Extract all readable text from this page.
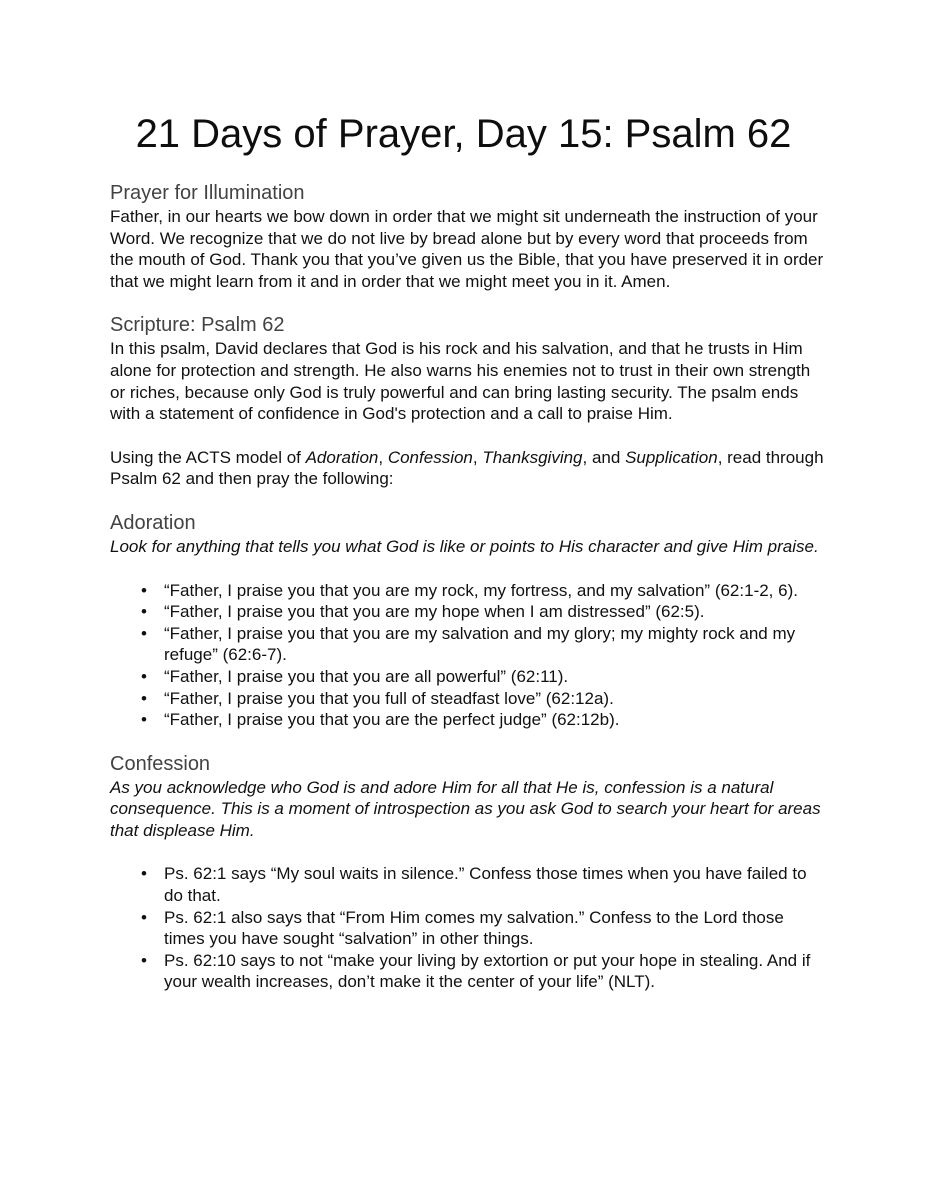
21 Days of Prayer, Day 15: Psalm 62
Prayer for Illumination

Father, in our hearts we bow down in order that we might sit underneath the instruction of your Word. We recognize that we do not live by bread alone but by every word that proceeds from the mouth of God. Thank you that you’ve given us the Bible, that you have preserved it in order that we might learn from it and in order that we might meet you in it. Amen.

Scripture: Psalm 62

In this psalm, David declares that God is his rock and his salvation, and that he trusts in Him alone for protection and strength. He also warns his enemies not to trust in their own strength or riches, because only God is truly powerful and can bring lasting security. The psalm ends with a statement of confidence in God's protection and a call to praise Him.

Using the ACTS model of Adoration, Confession, Thanksgiving, and Supplication, read through Psalm 62 and then pray the following:

Adoration

Look for anything that tells you what God is like or points to His character and give Him praise.

• “Father, I praise you that you are my rock, my fortress, and my salvation” (62:1-2, 6).
• “Father, I praise you that you are my hope when I am distressed” (62:5).
• “Father, I praise you that you are my salvation and my glory; my mighty rock and my refuge” (62:6-7).
• “Father, I praise you that you are all powerful” (62:11).
• “Father, I praise you that you full of steadfast love” (62:12a).
• “Father, I praise you that you are the perfect judge” (62:12b).
Confession

As you acknowledge who God is and adore Him for all that He is, confession is a natural consequence. This is a moment of introspection as you ask God to search your heart for areas that displease Him.

• Ps. 62:1 says “My soul waits in silence.” Confess those times when you have failed to do that.
• Ps. 62:1 also says that “From Him comes my salvation.” Confess to the Lord those times you have sought “salvation” in other things.
• Ps. 62:10 says to not “make your living by extortion or put your hope in stealing. And if your wealth increases, don’t make it the center of your life” (NLT).
